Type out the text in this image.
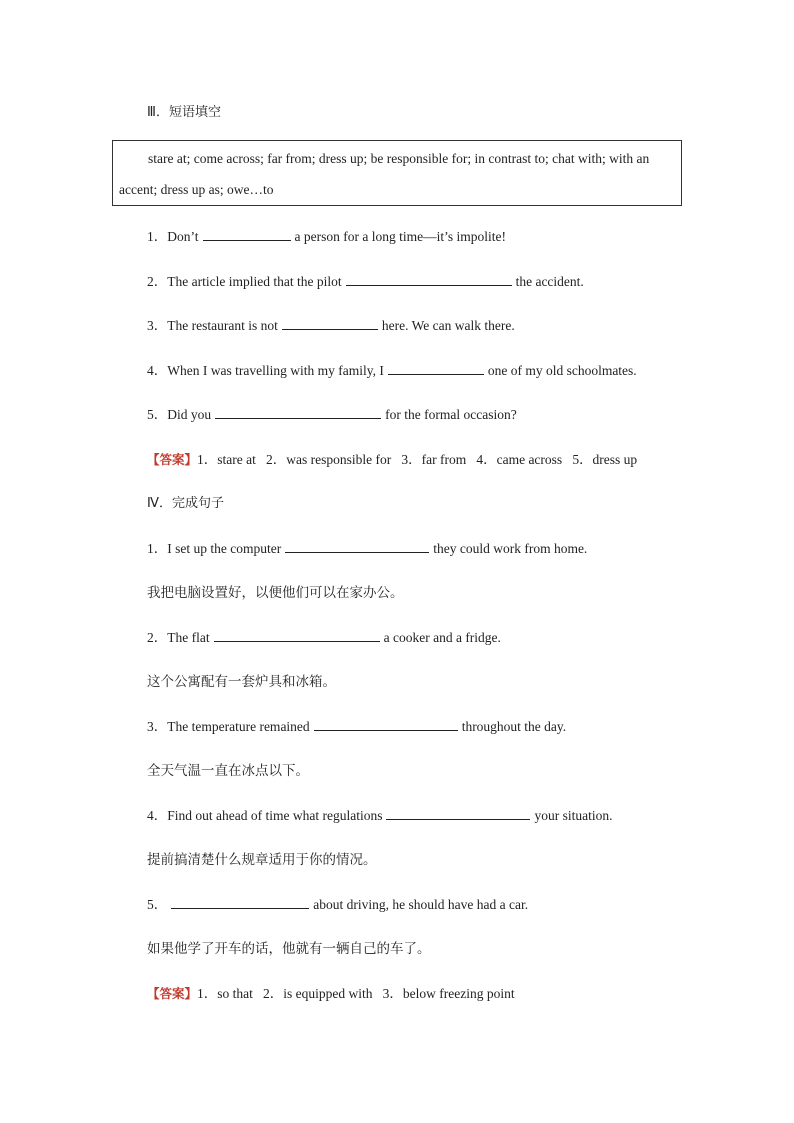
Ⅲ．短语填空
stare at; come across; far from; dress up; be responsible for; in contrast to; chat with; with an
accent; dress up as; owe…to
1．Don’t	a person for a long time—it’s impolite!
2．The article implied that the pilot	the accident.
3．The restaurant is not	here. We can walk there.
4．When I was travelling with my family, I	one of my old schoolmates.
5．Did you	for the formal occasion?
【答案】1．stare at 2．was responsible for 3．far from 4．came across 5．dress up
Ⅳ．完成句子
1．I set up the computer	they could work from home.
我把电脑设置好，以便他们可以在家办公。
2．The flat	a cooker and a fridge.
这个公寓配有一套炉具和冰箱。
3．The temperature remained	throughout the day.
全天气温一直在冰点以下。
4．Find out ahead of time what regulations	your situation.
提前搞清楚什么规章适用于你的情况。
5．	about driving, he should have had a car.
如果他学了开车的话，他就有一辆自己的车了。
【答案】1．so that 2．is equipped with 3．below freezing point
